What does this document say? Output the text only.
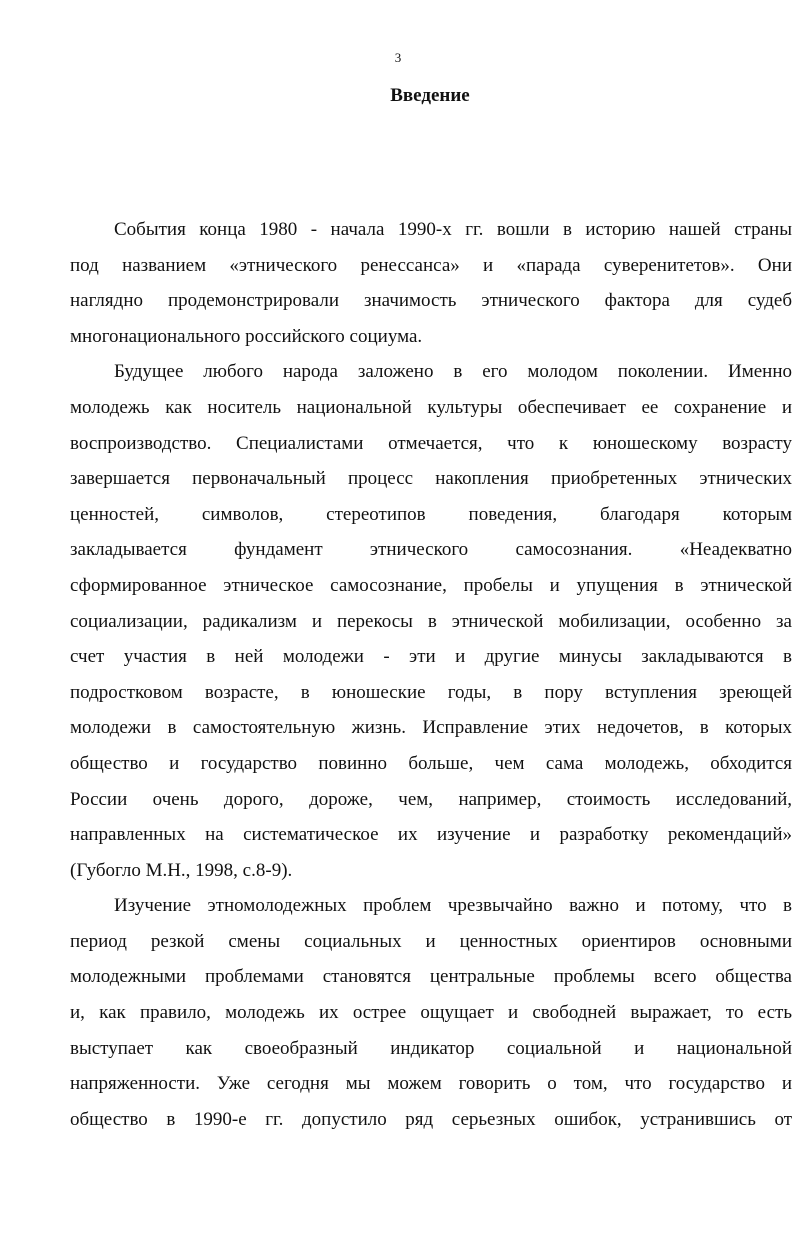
3
Введение
События конца 1980 - начала 1990-х гг. вошли в историю нашей страны
под названием «этнического ренессанса» и «парада суверенитетов». Они
наглядно продемонстрировали значимость этнического фактора для судеб
многонационального российского социума.
Будущее любого народа заложено в его молодом поколении. Именно
молодежь как носитель национальной культуры обеспечивает ее сохранение и
воспроизводство. Специалистами отмечается, что к юношескому возрасту
завершается первоначальный процесс накопления приобретенных этнических
ценностей, символов, стереотипов поведения, благодаря которым
закладывается фундамент этнического самосознания. «Неадекватно
сформированное этническое самосознание, пробелы и упущения в этнической
социализации, радикализм и перекосы в этнической мобилизации, особенно за
счет участия в ней молодежи - эти и другие минусы закладываются в
подростковом возрасте, в юношеские годы, в пору вступления зреющей
молодежи в самостоятельную жизнь. Исправление этих недочетов, в которых
общество и государство повинно больше, чем сама молодежь, обходится
России очень дорого, дороже, чем, например, стоимость исследований,
направленных на систематическое их изучение и разработку рекомендаций»
(Губогло М.Н., 1998, с.8-9).
Изучение этномолодежных проблем чрезвычайно важно и потому, что в
период резкой смены социальных и ценностных ориентиров основными
молодежными проблемами становятся центральные проблемы всего общества
и, как правило, молодежь их острее ощущает и свободней выражает, то есть
выступает как своеобразный индикатор социальной и национальной
напряженности. Уже сегодня мы можем говорить о том, что государство и
общество в 1990-е гг. допустило ряд серьезных ошибок, устранившись от
